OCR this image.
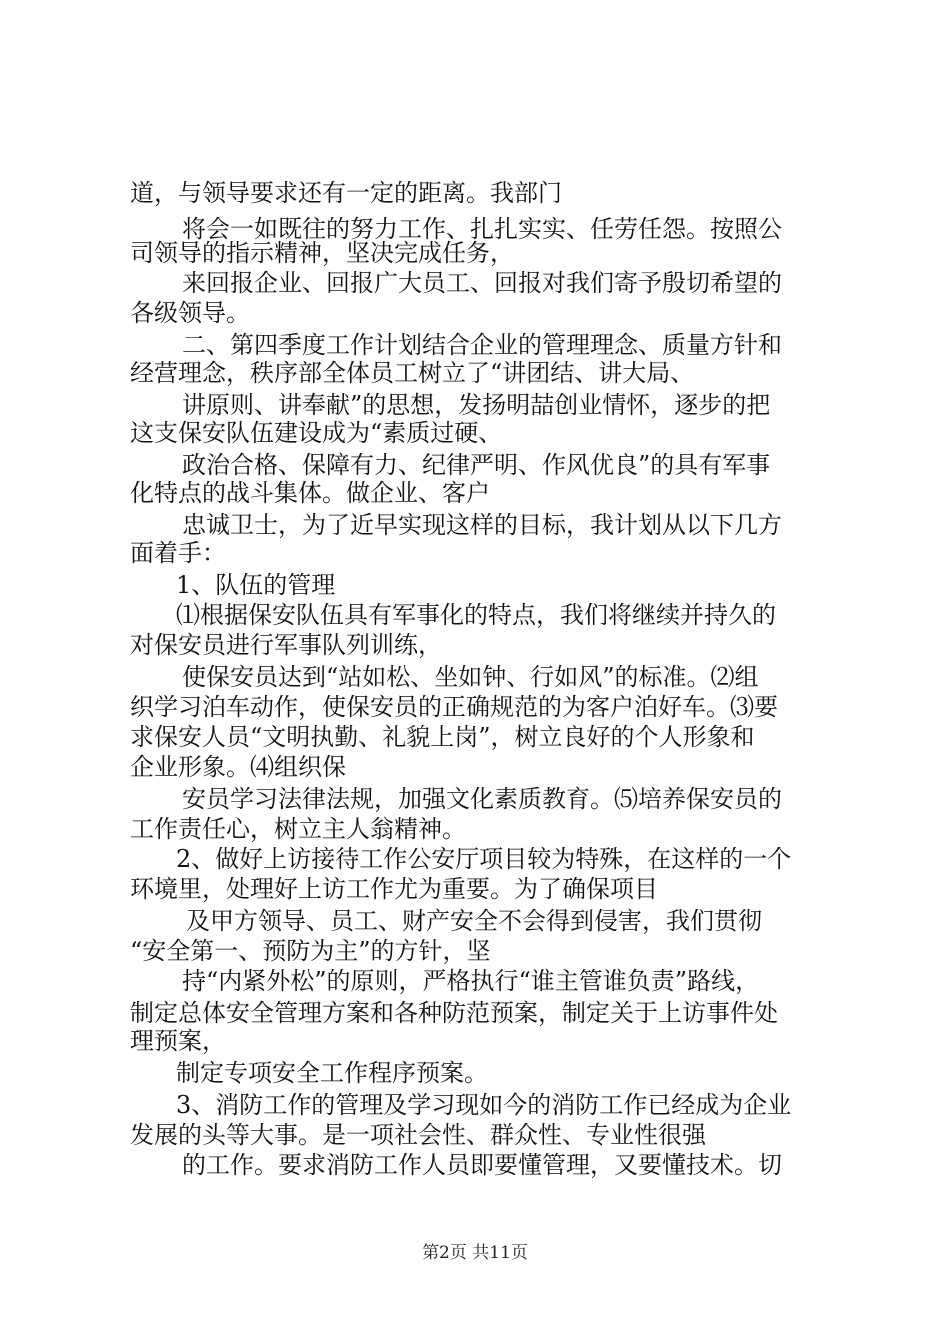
道，与领导要求还有一定的距离。我部门
将会一如既往的努力工作、扎扎实实、任劳任怨。按照公
司领导的指示精神，坚决完成任务，
来回报企业、回报广大员工、回报对我们寄予殷切希望的
各级领导。
二、第四季度工作计划结合企业的管理理念、质量方针和
经营理念，秩序部全体员工树立了“讲团结、讲大局、
讲原则、讲奉献”的思想，发扬明喆创业情怀，逐步的把
这支保安队伍建设成为“素质过硬、
政治合格、保障有力、纪律严明、作风优良”的具有军事
化特点的战斗集体。做企业、客户
忠诚卫士，为了近早实现这样的目标，我计划从以下几方
面着手：
1、队伍的管理
⑴根据保安队伍具有军事化的特点，我们将继续并持久的
对保安员进行军事队列训练，
使保安员达到“站如松、坐如钟、行如风”的标准。⑵组
织学习泊车动作，使保安员的正确规范的为客户泊好车。⑶要
求保安人员“文明执勤、礼貌上岗”，树立良好的个人形象和
企业形象。⑷组织保
安员学习法律法规，加强文化素质教育。⑸培养保安员的
工作责任心，树立主人翁精神。
2、做好上访接待工作公安厅项目较为特殊，在这样的一个
环境里，处理好上访工作尤为重要。为了确保项目
及甲方领导、员工、财产安全不会得到侵害，我们贯彻
“安全第一、预防为主”的方针，坚
持“内紧外松”的原则，严格执行“谁主管谁负责”路线，
制定总体安全管理方案和各种防范预案，制定关于上访事件处
理预案，
制定专项安全工作程序预案。
3、消防工作的管理及学习现如今的消防工作已经成为企业
发展的头等大事。是一项社会性、群众性、专业性很强
的工作。要求消防工作人员即要懂管理，又要懂技术。切
第2页 共11页
